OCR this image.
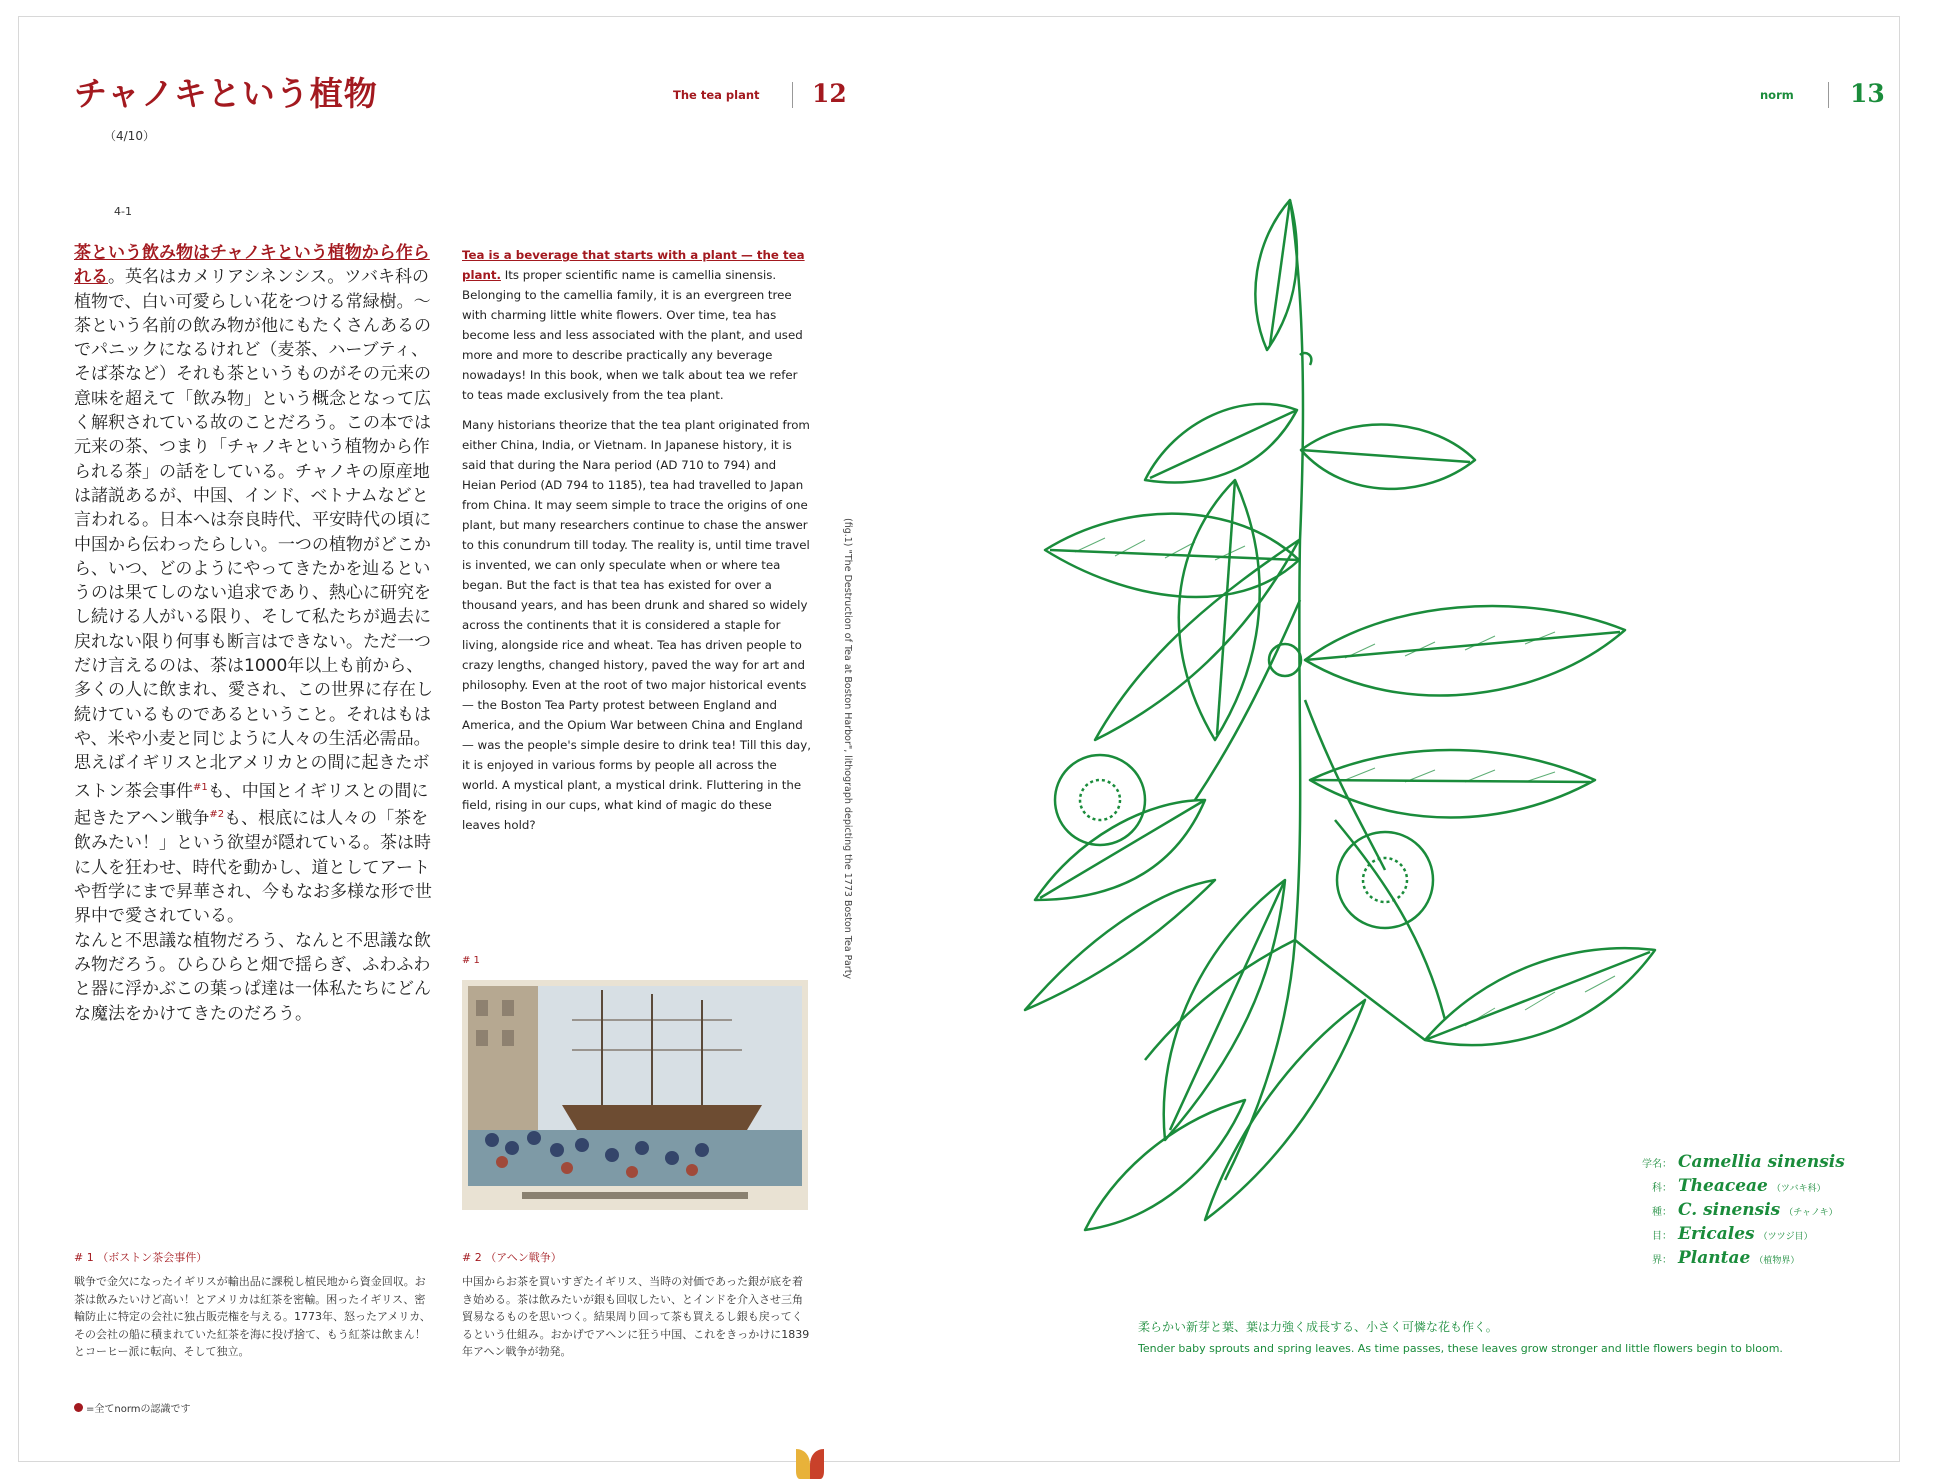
チャノキという植物
（4/10）
The tea plant 12
4-1

茶という飲み物はチャノキという植物から作られる。英名はカメリアシネンシス。ツバキ科の植物で、白い可愛らしい花をつける常緑樹。〜茶という名前の飲み物が他にもたくさんあるのでパニックになるけれど（麦茶、ハーブティ、そば茶など）それも茶というものがその元来の意味を超えて「飲み物」という概念となって広く解釈されている故のことだろう。この本では元来の茶、つまり「チャノキという植物から作られる茶」の話をしている。チャノキの原産地は諸説あるが、中国、インド、ベトナムなどと言われる。日本へは奈良時代、平安時代の頃に中国から伝わったらしい。一つの植物がどこから、いつ、どのようにやってきたかを辿るというのは果てしのない追求であり、熱心に研究をし続ける人がいる限り、そして私たちが過去に戻れない限り何事も断言はできない。ただ一つだけ言えるのは、茶は1000年以上も前から、多くの人に飲まれ、愛され、この世界に存在し続けているものであるということ。それはもはや、米や小麦と同じように人々の生活必需品。思えばイギリスと北アメリカとの間に起きたボストン茶会事件$^{\#1}$も、中国とイギリスとの間に起きたアヘン戦争$^{\#2}$も、根底には人々の「茶を飲みたい！」という欲望が隠れている。茶は時に人を狂わせ、時代を動かし、道としてアートや哲学にまで昇華され、今もなお多様な形で世界中で愛されている。
なんと不思議な植物だろう、なんと不思議な飲み物だろう。ひらひらと畑で揺らぎ、ふわふわと器に浮かぶこの葉っぱ達は一体私たちにどんな魔法をかけてきたのだろう。

Tea is a beverage that starts with a plant — the tea plant. Its proper scientific name is camellia sinensis. Belonging to the camellia family, it is an evergreen tree with charming little white flowers. Over time, tea has become less and less associated with the plant, and used more and more to describe practically any beverage nowadays! In this book, when we talk about tea we refer to teas made exclusively from the tea plant.

Many historians theorize that the tea plant originated from either China, India, or Vietnam. In Japanese history, it is said that during the Nara period (AD 710 to 794) and Heian Period (AD 794 to 1185), tea had travelled to Japan from China. It may seem simple to trace the origins of one plant, but many researchers continue to chase the answer to this conundrum till today. The reality is, until time travel is invented, we can only speculate when or where tea began. But the fact is that tea has existed for over a thousand years, and has been drunk and shared so widely across the continents that it is considered a staple for living, alongside rice and wheat. Tea has driven people to crazy lengths, changed history, paved the way for art and philosophy. Even at the root of two major historical events — the Boston Tea Party protest between England and America, and the Opium War between China and England — was the people's simple desire to drink tea! Till this day, it is enjoyed in various forms by people all across the world. A mystical plant, a mystical drink. Fluttering in the field, rising in our cups, what kind of magic do these leaves hold?	(fig.1) "The Destruction of Tea at Boston Harbor", lithograph depicting the 1773 Boston Tea Party
# 1
# 1 （ボストン茶会事件）

戦争で金欠になったイギリスが輸出品に課税し植民地から資金回収。お茶は飲みたいけど高い！とアメリカは紅茶を密輸。困ったイギリス、密輸防止に特定の会社に独占販売権を与える。1773年、怒ったアメリカ、その会社の船に積まれていた紅茶を海に投げ捨て、もう紅茶は飲まん！とコーヒー派に転向、そして独立。

# 2 （アヘン戦争）

中国からお茶を買いすぎたイギリス、当時の対価であった銀が底を着き始める。茶は飲みたいが銀も回収したい、とインドを介入させ三角貿易なるものを思いつく。結果周り回って茶も買えるし銀も戻ってくるという仕組み。おかげでアヘンに狂う中国、これをきっかけに1839年アヘン戦争が勃発。

=全てnormの認識です
norm 13
学名： Camellia sinensis
科： Theaceae （ツバキ科）
種： C. sinensis （チャノキ）
目： Ericales （ツツジ目）
界： Plantae （植物界）
柔らかい新芽と葉、葉は力強く成長する、小さく可憐な花も作く。
Tender baby sprouts and spring leaves. As time passes, these leaves grow stronger and little flowers begin to bloom.
